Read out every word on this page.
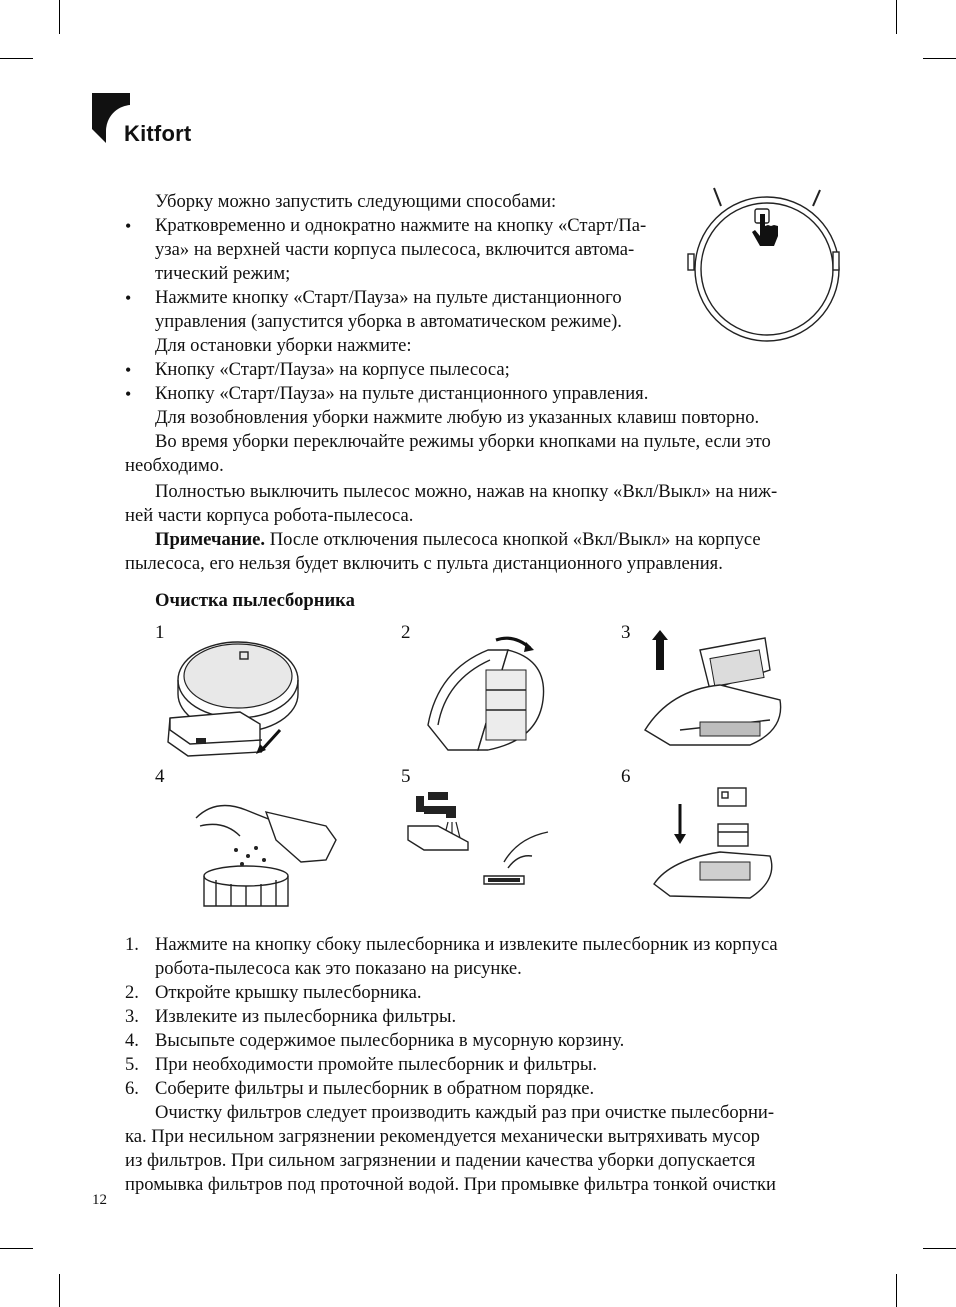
Kitfort
Уборку можно запустить следующими способами:
• Кратковременно и однократно нажмите на кнопку «Старт/Па-
уза» на верхней части корпуса пылесоса, включится автома-
тический режим;
• Нажмите кнопку «Старт/Пауза» на пульте дистанционного
управления (запустится уборка в автоматическом режиме).
Для остановки уборки нажмите:
• Кнопку «Старт/Пауза» на корпусе пылесоса;
• Кнопку «Старт/Пауза» на пульте дистанционного управления.
Для возобновления уборки нажмите любую из указанных клавиш повторно.
Во время уборки переключайте режимы уборки кнопками на пульте, если это
необходимо.
Полностью выключить пылесос можно, нажав на кнопку «Вкл/Выкл» на ниж-
ней части корпуса робота-пылесоса.
Примечание. После отключения пылесоса кнопкой «Вкл/Выкл» на корпусе
пылесоса, его нельзя будет включить с пульта дистанционного управления.
Очистка пылесборника
1	2	3
4	5	6
1. Нажмите на кнопку сбоку пылесборника и извлеките пылесборник из корпуса
робота-пылесоса как это показано на рисунке.
2. Откройте крышку пылесборника.
3. Извлеките из пылесборника фильтры.
4. Высыпьте содержимое пылесборника в мусорную корзину.
5. При необходимости промойте пылесборник и фильтры.
6. Соберите фильтры и пылесборник в обратном порядке.
Очистку фильтров следует производить каждый раз при очистке пылесборни-
ка. При несильном загрязнении рекомендуется механически вытряхивать мусор
из фильтров. При сильном загрязнении и падении качества уборки допускается
промывка фильтров под проточной водой. При промывке фильтра тонкой очистки
12
